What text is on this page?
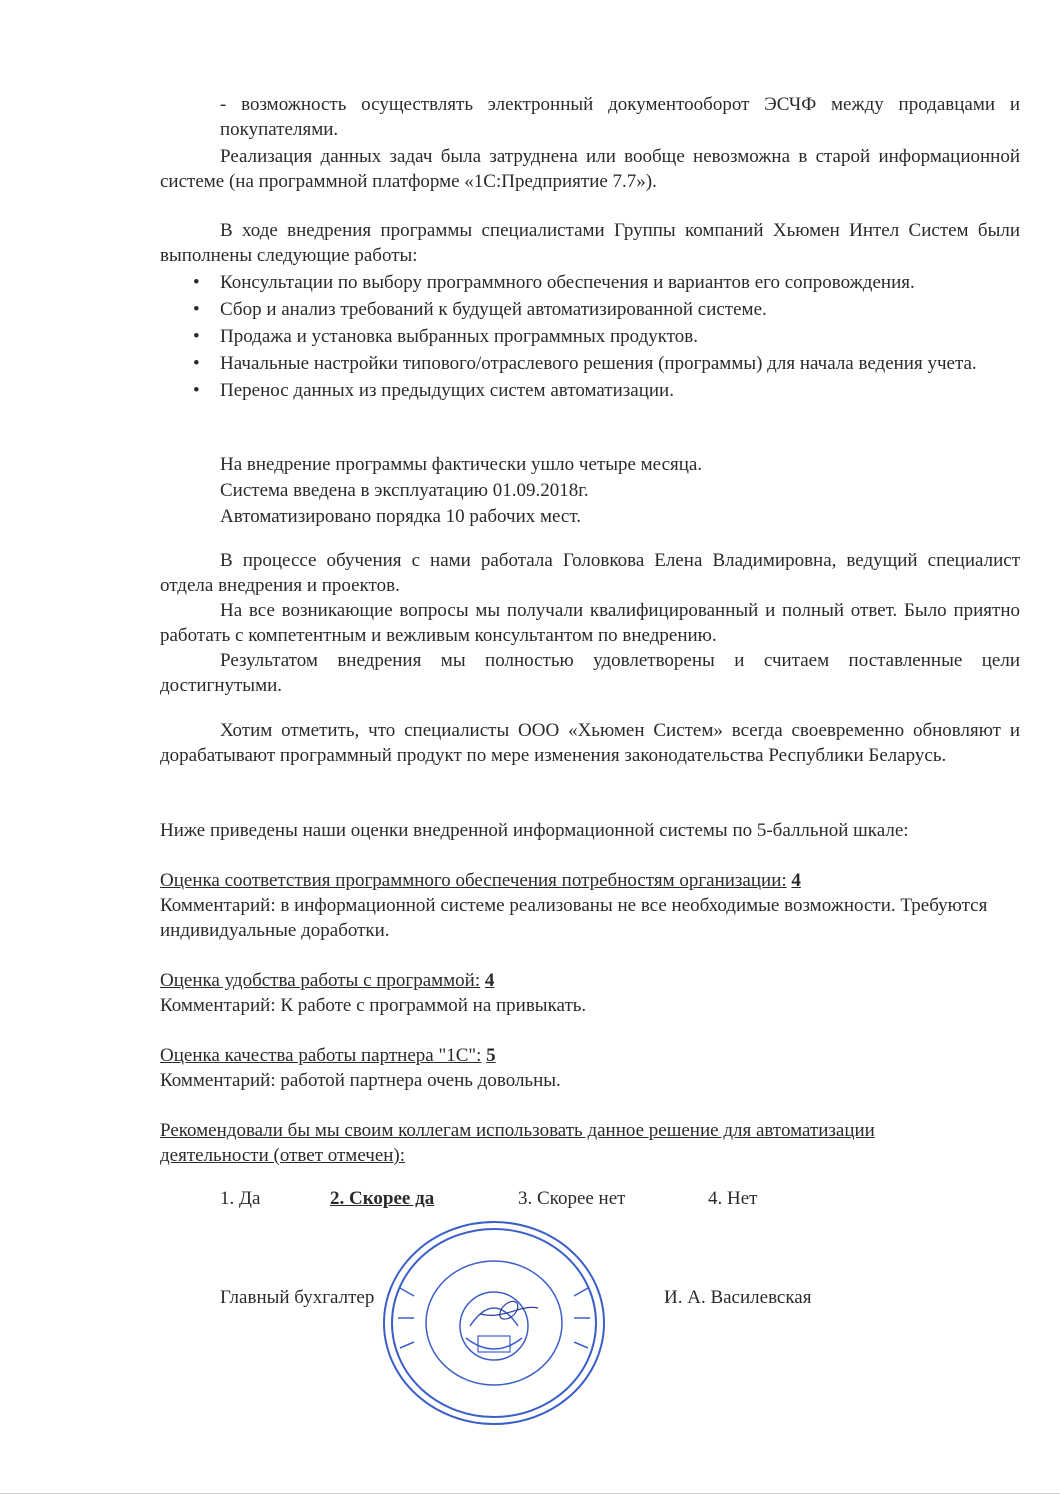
- возможность осуществлять электронный документооборот ЭСЧФ между продавцами и покупателями.

Реализация данных задач была затруднена или вообще невозможна в старой информационной системе (на программной платформе «1С:Предприятие 7.7»).

В ходе внедрения программы специалистами Группы компаний Хьюмен Интел Систем были выполнены следующие работы:

• Консультации по выбору программного обеспечения и вариантов его сопровождения.
• Сбор и анализ требований к будущей автоматизированной системе.
• Продажа и установка выбранных программных продуктов.
• Начальные настройки типового/отраслевого решения (программы) для начала ведения учета.
• Перенос данных из предыдущих систем автоматизации.
На внедрение программы фактически ушло четыре месяца.
Система введена в эксплуатацию 01.09.2018г.
Автоматизировано порядка 10 рабочих мест.

В процессе обучения с нами работала Головкова Елена Владимировна, ведущий специалист отдела внедрения и проектов.

На все возникающие вопросы мы получали квалифицированный и полный ответ. Было приятно работать с компетентным и вежливым консультантом по внедрению.

Результатом внедрения мы полностью удовлетворены и считаем поставленные цели достигнутыми.

Хотим отметить, что специалисты ООО «Хьюмен Систем» всегда своевременно обновляют и дорабатывают программный продукт по мере изменения законодательства Республики Беларусь.

Ниже приведены наши оценки внедренной информационной системы по 5-балльной шкале:

Оценка соответствия программного обеспечения потребностям организации: 4
Комментарий: в информационной системе реализованы не все необходимые возможности. Требуются индивидуальные доработки.
Оценка удобства работы с программой: 4
Комментарий: К работе с программой на привыкать.
Оценка качества работы партнера "1С": 5
Комментарий: работой партнера очень довольны.
Рекомендовали бы мы своим коллегам использовать данное решение для автоматизации деятельности (ответ отмечен):
1. Да	2. Скорее да	3. Скорее нет	4. Нет
Главный бухгалтер	И. А. Василевская
